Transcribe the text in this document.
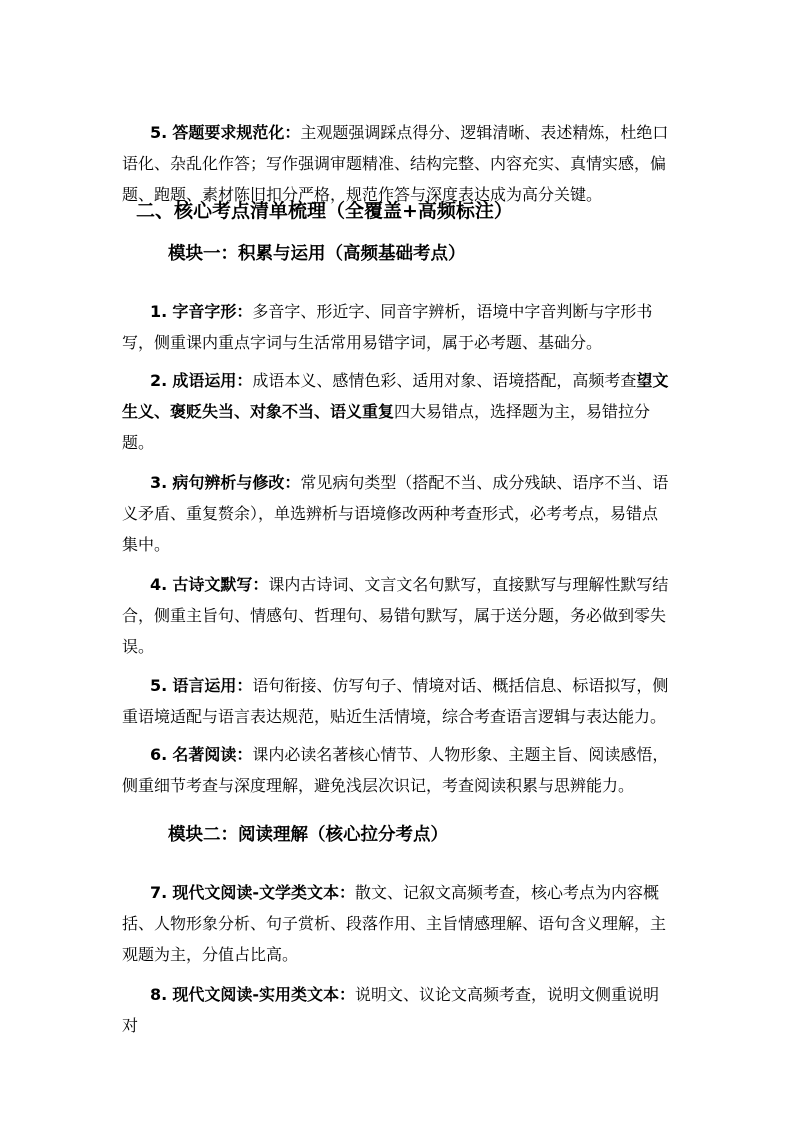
5. 答题要求规范化：主观题强调踩点得分、逻辑清晰、表述精炼，杜绝口语化、杂乱化作答；写作强调审题精准、结构完整、内容充实、真情实感，偏题、跑题、素材陈旧扣分严格，规范作答与深度表达成为高分关键。

二、核心考点清单梳理（全覆盖+高频标注）
模块一：积累与运用（高频基础考点）

1. 字音字形：多音字、形近字、同音字辨析，语境中字音判断与字形书写，侧重课内重点字词与生活常用易错字词，属于必考题、基础分。

2. 成语运用：成语本义、感情色彩、适用对象、语境搭配，高频考查望文生义、褒贬失当、对象不当、语义重复四大易错点，选择题为主，易错拉分题。

3. 病句辨析与修改：常见病句类型（搭配不当、成分残缺、语序不当、语义矛盾、重复赘余），单选辨析与语境修改两种考查形式，必考考点，易错点集中。

4. 古诗文默写：课内古诗词、文言文名句默写，直接默写与理解性默写结合，侧重主旨句、情感句、哲理句、易错句默写，属于送分题，务必做到零失误。

5. 语言运用：语句衔接、仿写句子、情境对话、概括信息、标语拟写，侧重语境适配与语言表达规范，贴近生活情境，综合考查语言逻辑与表达能力。

6. 名著阅读：课内必读名著核心情节、人物形象、主题主旨、阅读感悟，侧重细节考查与深度理解，避免浅层次识记，考查阅读积累与思辨能力。

模块二：阅读理解（核心拉分考点）

7. 现代文阅读-文学类文本：散文、记叙文高频考查，核心考点为内容概括、人物形象分析、句子赏析、段落作用、主旨情感理解、语句含义理解，主观题为主，分值占比高。

8. 现代文阅读-实用类文本：说明文、议论文高频考查，说明文侧重说明对
